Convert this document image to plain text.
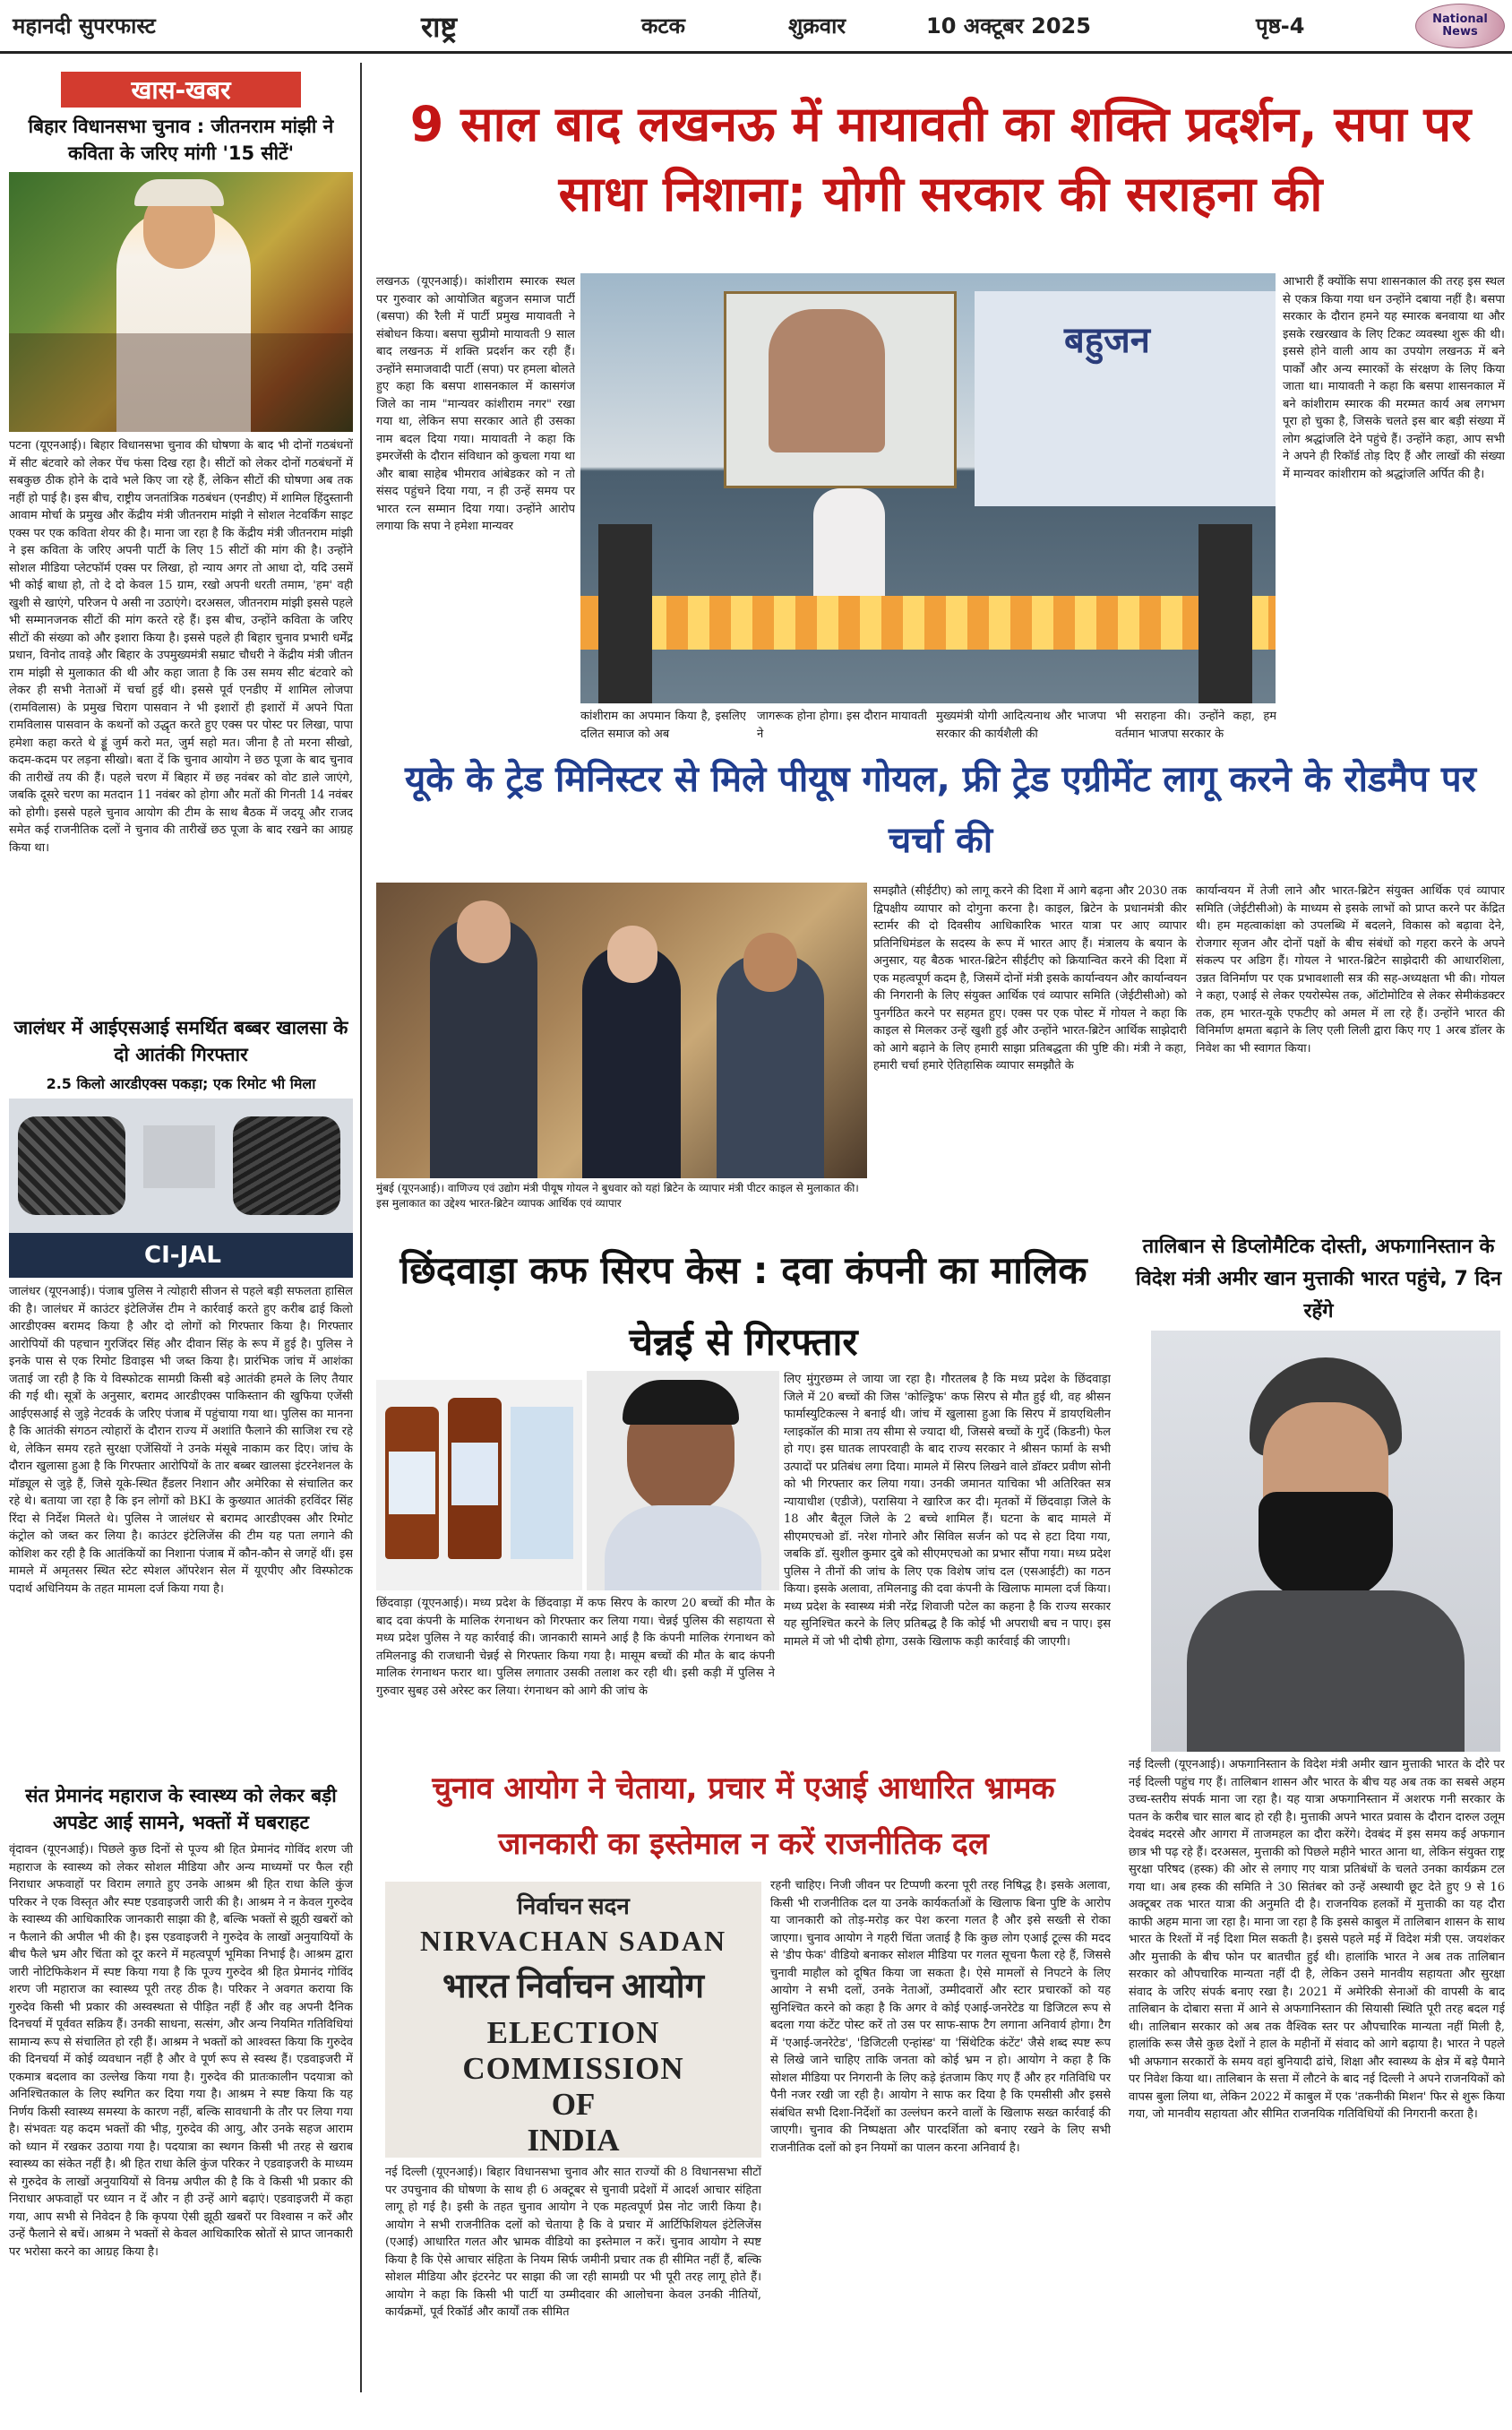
महानदी सुपरफास्ट	राष्ट्र	कटक	शुक्रवार	10 अक्टूबर 2025	पृष्ठ-4	National
News
खास-खबर
बिहार विधानसभा चुनाव : जीतनराम मांझी ने कविता के जरिए मांगी '15 सीटें'
पटना (यूएनआई)। बिहार विधानसभा चुनाव की घोषणा के बाद भी दोनों गठबंधनों में सीट बंटवारे को लेकर पेंच फंसा दिख रहा है। सीटों को लेकर दोनों गठबंधनों में सबकुछ ठीक होने के दावे भले किए जा रहे हैं, लेकिन सीटों की घोषणा अब तक नहीं हो पाई है। इस बीच, राष्ट्रीय जनतांत्रिक गठबंधन (एनडीए) में शामिल हिंदुस्तानी आवाम मोर्चा के प्रमुख और केंद्रीय मंत्री जीतनराम मांझी ने सोशल नेटवर्किंग साइट एक्स पर एक कविता शेयर की है। माना जा रहा है कि केंद्रीय मंत्री जीतनराम मांझी ने इस कविता के जरिए अपनी पार्टी के लिए 15 सीटों की मांग की है। उन्होंने सोशल मीडिया प्लेटफॉर्म एक्स पर लिखा, हो न्याय अगर तो आधा दो, यदि उसमें भी कोई बाधा हो, तो दे दो केवल 15 ग्राम, रखो अपनी धरती तमाम, 'हम' वही खुशी से खाएंगे, परिजन पे असी ना उठाएंगे। दरअसल, जीतनराम मांझी इससे पहले भी सम्मानजनक सीटों की मांग करते रहे हैं। इस बीच, उन्होंने कविता के जरिए सीटों की संख्या को और इशारा किया है। इससे पहले ही बिहार चुनाव प्रभारी धर्मेंद्र प्रधान, विनोद तावड़े और बिहार के उपमुख्यमंत्री सम्राट चौधरी ने केंद्रीय मंत्री जीतन राम मांझी से मुलाकात की थी और कहा जाता है कि उस समय सीट बंटवारे को लेकर ही सभी नेताओं में चर्चा हुई थी। इससे पूर्व एनडीए में शामिल लोजपा (रामविलास) के प्रमुख चिराग पासवान ने भी इशारों ही इशारों में अपने पिता रामविलास पासवान के कथनों को उद्धृत करते हुए एक्स पर पोस्ट पर लिखा, पापा हमेशा कहा करते थे ड्डूं जुर्म करो मत, जुर्म सहो मत। जीना है तो मरना सीखो, कदम-कदम पर लड़ना सीखो। बता दें कि चुनाव आयोग ने छठ पूजा के बाद चुनाव की तारीखें तय की हैं। पहले चरण में बिहार में छह नवंबर को वोट डाले जाएंगे, जबकि दूसरे चरण का मतदान 11 नवंबर को होगा और मतों की गिनती 14 नवंबर को होगी। इससे पहले चुनाव आयोग की टीम के साथ बैठक में जदयू और राजद समेत कई राजनीतिक दलों ने चुनाव की तारीखें छठ पूजा के बाद रखने का आग्रह किया था।
जालंधर में आईएसआई समर्थित बब्बर खालसा के दो आतंकी गिरफ्तार
2.5 किलो आरडीएक्स पकड़ा; एक रिमोट भी मिला
CI-JAL
जालंधर (यूएनआई)। पंजाब पुलिस ने त्योहारी सीजन से पहले बड़ी सफलता हासिल की है। जालंधर में काउंटर इंटेलिजेंस टीम ने कार्रवाई करते हुए करीब ढाई किलो आरडीएक्स बरामद किया है और दो लोगों को गिरफ्तार किया है। गिरफ्तार आरोपियों की पहचान गुरजिंदर सिंह और दीवान सिंह के रूप में हुई है। पुलिस ने इनके पास से एक रिमोट डिवाइस भी जब्त किया है। प्रारंभिक जांच में आशंका जताई जा रही है कि ये विस्फोटक सामग्री किसी बड़े आतंकी हमले के लिए तैयार की गई थी। सूत्रों के अनुसार, बरामद आरडीएक्स पाकिस्तान की खुफिया एजेंसी आईएसआई से जुड़े नेटवर्क के जरिए पंजाब में पहुंचाया गया था। पुलिस का मानना है कि आतंकी संगठन त्योहारों के दौरान राज्य में अशांति फैलाने की साजिश रच रहे थे, लेकिन समय रहते सुरक्षा एजेंसियों ने उनके मंसूबे नाकाम कर दिए। जांच के दौरान खुलासा हुआ है कि गिरफ्तार आरोपियों के तार बब्बर खालसा इंटरनेशनल के मॉड्यूल से जुड़े हैं, जिसे यूके-स्थित हैंडलर निशान और अमेरिका से संचालित कर रहे थे। बताया जा रहा है कि इन लोगों को BKI के कुख्यात आतंकी हरविंदर सिंह रिंदा से निर्देश मिलते थे। पुलिस ने जालंधर से बरामद आरडीएक्स और रिमोट कंट्रोल को जब्त कर लिया है। काउंटर इंटेलिजेंस की टीम यह पता लगाने की कोशिश कर रही है कि आतंकियों का निशाना पंजाब में कौन-कौन से जगहें थीं। इस मामले में अमृतसर स्थित स्टेट स्पेशल ऑपरेशन सेल में यूएपीए और विस्फोटक पदार्थ अधिनियम के तहत मामला दर्ज किया गया है।
संत प्रेमानंद महाराज के स्वास्थ्य को लेकर बड़ी अपडेट आई सामने, भक्तों में घबराहट
वृंदावन (यूएनआई)। पिछले कुछ दिनों से पूज्य श्री हित प्रेमानंद गोविंद शरण जी महाराज के स्वास्थ्य को लेकर सोशल मीडिया और अन्य माध्यमों पर फैल रही निराधार अफवाहों पर विराम लगाते हुए उनके आश्रम श्री हित राधा केलि कुंज परिकर ने एक विस्तृत और स्पष्ट एडवाइजरी जारी की है। आश्रम ने न केवल गुरुदेव के स्वास्थ्य की आधिकारिक जानकारी साझा की है, बल्कि भक्तों से झूठी खबरों को न फैलाने की अपील भी की है। इस एडवाइजरी ने गुरुदेव के लाखों अनुयायियों के बीच फैले भ्रम और चिंता को दूर करने में महत्वपूर्ण भूमिका निभाई है। आश्रम द्वारा जारी नोटिफिकेशन में स्पष्ट किया गया है कि पूज्य गुरुदेव श्री हित प्रेमानंद गोविंद शरण जी महाराज का स्वास्थ्य पूरी तरह ठीक है। परिकर ने अवगत कराया कि गुरुदेव किसी भी प्रकार की अस्वस्थता से पीड़ित नहीं हैं और वह अपनी दैनिक दिनचर्या में पूर्ववत सक्रिय हैं। उनकी साधना, सत्संग, और अन्य नियमित गतिविधियां सामान्य रूप से संचालित हो रही हैं। आश्रम ने भक्तों को आश्वस्त किया कि गुरुदेव की दिनचर्या में कोई व्यवधान नहीं है और वे पूर्ण रूप से स्वस्थ हैं। एडवाइजरी में एकमात्र बदलाव का उल्लेख किया गया है। गुरुदेव की प्रातःकालीन पदयात्रा को अनिश्चितकाल के लिए स्थगित कर दिया गया है। आश्रम ने स्पष्ट किया कि यह निर्णय किसी स्वास्थ्य समस्या के कारण नहीं, बल्कि सावधानी के तौर पर लिया गया है। संभवतः यह कदम भक्तों की भीड़, गुरुदेव की आयु, और उनके सहज आराम को ध्यान में रखकर उठाया गया है। पदयात्रा का स्थगन किसी भी तरह से खराब स्वास्थ्य का संकेत नहीं है। श्री हित राधा केलि कुंज परिकर ने एडवाइजरी के माध्यम से गुरुदेव के लाखों अनुयायियों से विनम्र अपील की है कि वे किसी भी प्रकार की निराधार अफवाहों पर ध्यान न दें और न ही उन्हें आगे बढ़ाएं। एडवाइजरी में कहा गया, आप सभी से निवेदन है कि कृपया ऐसी झूठी खबरों पर विश्वास न करें और उन्हें फैलाने से बचें। आश्रम ने भक्तों से केवल आधिकारिक स्रोतों से प्राप्त जानकारी पर भरोसा करने का आग्रह किया है।
9 साल बाद लखनऊ में मायावती का शक्ति प्रदर्शन, सपा पर साधा निशाना; योगी सरकार की सराहना की
लखनऊ (यूएनआई)। कांशीराम स्मारक स्थल पर गुरुवार को आयोजित बहुजन समाज पार्टी (बसपा) की रैली में पार्टी प्रमुख मायावती ने संबोधन किया। बसपा सुप्रीमो मायावती 9 साल बाद लखनऊ में शक्ति प्रदर्शन कर रही हैं। उन्होंने समाजवादी पार्टी (सपा) पर हमला बोलते हुए कहा कि बसपा शासनकाल में कासगंज जिले का नाम "मान्यवर कांशीराम नगर" रखा गया था, लेकिन सपा सरकार आते ही उसका नाम बदल दिया गया। मायावती ने कहा कि इमरजेंसी के दौरान संविधान को कुचला गया था और बाबा साहेब भीमराव आंबेडकर को न तो संसद पहुंचने दिया गया, न ही उन्हें समय पर भारत रत्न सम्मान दिया गया। उन्होंने आरोप लगाया कि सपा ने हमेशा मान्यवर
बहुजन
कांशीराम का अपमान किया है, इसलिए दलित समाज को अब
जागरूक होना होगा। इस दौरान मायावती ने
मुख्यमंत्री योगी आदित्यनाथ और भाजपा सरकार की कार्यशैली की
भी सराहना की। उन्होंने कहा, हम वर्तमान भाजपा सरकार के
आभारी हैं क्योंकि सपा शासनकाल की तरह इस स्थल से एकत्र किया गया धन उन्होंने दबाया नहीं है। बसपा सरकार के दौरान हमने यह स्मारक बनवाया था और इसके रखरखाव के लिए टिकट व्यवस्था शुरू की थी। इससे होने वाली आय का उपयोग लखनऊ में बने पार्कों और अन्य स्मारकों के संरक्षण के लिए किया जाता था। मायावती ने कहा कि बसपा शासनकाल में बने कांशीराम स्मारक की मरम्मत कार्य अब लगभग पूरा हो चुका है, जिसके चलते इस बार बड़ी संख्या में लोग श्रद्धांजलि देने पहुंचे हैं। उन्होंने कहा, आप सभी ने अपने ही रिकॉर्ड तोड़ दिए हैं और लाखों की संख्या में मान्यवर कांशीराम को श्रद्धांजलि अर्पित की है।
यूके के ट्रेड मिनिस्टर से मिले पीयूष गोयल, फ्री ट्रेड एग्रीमेंट लागू करने के रोडमैप पर चर्चा की
मुंबई (यूएनआई)। वाणिज्य एवं उद्योग मंत्री पीयूष गोयल ने बुधवार को यहां ब्रिटेन के व्यापार मंत्री पीटर काइल से मुलाकात की। इस मुलाकात का उद्देश्य भारत-ब्रिटेन व्यापक आर्थिक एवं व्यापार
समझौते (सीईटीए) को लागू करने की दिशा में आगे बढ़ना और 2030 तक द्विपक्षीय व्यापार को दोगुना करना है। काइल, ब्रिटेन के प्रधानमंत्री कीर स्टार्मर की दो दिवसीय आधिकारिक भारत यात्रा पर आए व्यापार प्रतिनिधिमंडल के सदस्य के रूप में भारत आए हैं। मंत्रालय के बयान के अनुसार, यह बैठक भारत-ब्रिटेन सीईटीए को क्रियान्वित करने की दिशा में एक महत्वपूर्ण कदम है, जिसमें दोनों मंत्री इसके कार्यान्वयन और कार्यान्वयन की निगरानी के लिए संयुक्त आर्थिक एवं व्यापार समिति (जेईटीसीओ) को पुनर्गठित करने पर सहमत हुए। एक्स पर एक पोस्ट में गोयल ने कहा कि काइल से मिलकर उन्हें खुशी हुई और उन्होंने भारत-ब्रिटेन आर्थिक साझेदारी को आगे बढ़ाने के लिए हमारी साझा प्रतिबद्धता की पुष्टि की। मंत्री ने कहा, हमारी चर्चा हमारे ऐतिहासिक व्यापार समझौते के
कार्यान्वयन में तेजी लाने और भारत-ब्रिटेन संयुक्त आर्थिक एवं व्यापार समिति (जेईटीसीओ) के माध्यम से इसके लाभों को प्राप्त करने पर केंद्रित थी। हम महत्वाकांक्षा को उपलब्धि में बदलने, विकास को बढ़ावा देने, रोजगार सृजन और दोनों पक्षों के बीच संबंधों को गहरा करने के अपने संकल्प पर अडिग हैं। गोयल ने भारत-ब्रिटेन साझेदारी की आधारशिला, उन्नत विनिर्माण पर एक प्रभावशाली सत्र की सह-अध्यक्षता भी की। गोयल ने कहा, एआई से लेकर एयरोस्पेस तक, ऑटोमोटिव से लेकर सेमीकंडक्टर तक, हम भारत-यूके एफटीए को अमल में ला रहे हैं। उन्होंने भारत की विनिर्माण क्षमता बढ़ाने के लिए एली लिली द्वारा किए गए 1 अरब डॉलर के निवेश का भी स्वागत किया।
छिंदवाड़ा कफ सिरप केस : दवा कंपनी का मालिक चेन्नई से गिरफ्तार
छिंदवाड़ा (यूएनआई)। मध्य प्रदेश के छिंदवाड़ा में कफ सिरप के कारण 20 बच्चों की मौत के बाद दवा कंपनी के मालिक रंगनाथन को गिरफ्तार कर लिया गया। चेन्नई पुलिस की सहायता से मध्य प्रदेश पुलिस ने यह कार्रवाई की। जानकारी सामने आई है कि कंपनी मालिक रंगनाथन को तमिलनाडु की राजधानी चेन्नई से गिरफ्तार किया गया है। मासूम बच्चों की मौत के बाद कंपनी मालिक रंगनाथन फरार था। पुलिस लगातार उसकी तलाश कर रही थी। इसी कड़ी में पुलिस ने गुरुवार सुबह उसे अरेस्ट कर लिया। रंगनाथन को आगे की जांच के
लिए मुंगुरछम्म ले जाया जा रहा है। गौरतलब है कि मध्य प्रदेश के छिंदवाड़ा जिले में 20 बच्चों की जिस 'कोल्ड्रिफ' कफ सिरप से मौत हुई थी, वह श्रीसन फार्मास्युटिकल्स ने बनाई थी। जांच में खुलासा हुआ कि सिरप में डायएथिलीन ग्लाइकॉल की मात्रा तय सीमा से ज्यादा थी, जिससे बच्चों के गुर्दे (किडनी) फेल हो गए। इस घातक लापरवाही के बाद राज्य सरकार ने श्रीसन फार्मा के सभी उत्पादों पर प्रतिबंध लगा दिया। मामले में सिरप लिखने वाले डॉक्टर प्रवीण सोनी को भी गिरफ्तार कर लिया गया। उनकी जमानत याचिका भी अतिरिक्त सत्र न्यायाधीश (एडीजे), परासिया ने खारिज कर दी। मृतकों में छिंदवाड़ा जिले के 18 और बैतूल जिले के 2 बच्चे शामिल हैं। घटना के बाद मामले में सीएमएचओ डॉ. नरेश गोनारे और सिविल सर्जन को पद से हटा दिया गया, जबकि डॉ. सुशील कुमार दुबे को सीएमएचओ का प्रभार सौंपा गया। मध्य प्रदेश पुलिस ने तीनों की जांच के लिए एक विशेष जांच दल (एसआईटी) का गठन किया। इसके अलावा, तमिलनाडु की दवा कंपनी के खिलाफ मामला दर्ज किया। मध्य प्रदेश के स्वास्थ्य मंत्री नरेंद्र शिवाजी पटेल का कहना है कि राज्य सरकार यह सुनिश्चित करने के लिए प्रतिबद्ध है कि कोई भी अपराधी बच न पाए। इस मामले में जो भी दोषी होगा, उसके खिलाफ कड़ी कार्रवाई की जाएगी।
तालिबान से डिप्लोमैटिक दोस्ती, अफगानिस्तान के विदेश मंत्री अमीर खान मुत्ताकी भारत पहुंचे, 7 दिन रहेंगे
नई दिल्ली (यूएनआई)। अफगानिस्तान के विदेश मंत्री अमीर खान मुत्ताकी भारत के दौरे पर नई दिल्ली पहुंच गए हैं। तालिबान शासन और भारत के बीच यह अब तक का सबसे अहम उच्च-स्तरीय संपर्क माना जा रहा है। यह यात्रा अफगानिस्तान में अशरफ गनी सरकार के पतन के करीब चार साल बाद हो रही है। मुत्ताकी अपने भारत प्रवास के दौरान दारुल उलूम देवबंद मदरसे और आगरा में ताजमहल का दौरा करेंगे। देवबंद में इस समय कई अफगान छात्र भी पढ़ रहे हैं। दरअसल, मुत्ताकी को पिछले महीने भारत आना था, लेकिन संयुक्त राष्ट्र सुरक्षा परिषद (हस्क) की ओर से लगाए गए यात्रा प्रतिबंधों के चलते उनका कार्यक्रम टल गया था। अब हस्क की समिति ने 30 सितंबर को उन्हें अस्थायी छूट देते हुए 9 से 16 अक्टूबर तक भारत यात्रा की अनुमति दी है। राजनयिक हलकों में मुत्ताकी का यह दौरा काफी अहम माना जा रहा है। माना जा रहा है कि इससे काबुल में तालिबान शासन के साथ भारत के रिश्तों में नई दिशा मिल सकती है। इससे पहले मई में विदेश मंत्री एस. जयशंकर और मुत्ताकी के बीच फोन पर बातचीत हुई थी। हालांकि भारत ने अब तक तालिबान सरकार को औपचारिक मान्यता नहीं दी है, लेकिन उसने मानवीय सहायता और सुरक्षा संवाद के जरिए संपर्क बनाए रखा है। 2021 में अमेरिकी सेनाओं की वापसी के बाद तालिबान के दोबारा सत्ता में आने से अफगानिस्तान की सियासी स्थिति पूरी तरह बदल गई थी। तालिबान सरकार को अब तक वैश्विक स्तर पर औपचारिक मान्यता नहीं मिली है, हालांकि रूस जैसे कुछ देशों ने हाल के महीनों में संवाद को आगे बढ़ाया है। भारत ने पहले भी अफगान सरकारों के समय वहां बुनियादी ढांचे, शिक्षा और स्वास्थ्य के क्षेत्र में बड़े पैमाने पर निवेश किया था। तालिबान के सत्ता में लौटने के बाद नई दिल्ली ने अपने राजनयिकों को वापस बुला लिया था, लेकिन 2022 में काबुल में एक 'तकनीकी मिशन' फिर से शुरू किया गया, जो मानवीय सहायता और सीमित राजनयिक गतिविधियों की निगरानी करता है।
चुनाव आयोग ने चेताया, प्रचार में एआई आधारित भ्रामक जानकारी का इस्तेमाल न करें राजनीतिक दल
निर्वाचन सदन
NIRVACHAN SADAN
भारत निर्वाचन आयोग
ELECTION COMMISSION
OF
INDIA
नई दिल्ली (यूएनआई)। बिहार विधानसभा चुनाव और सात राज्यों की 8 विधानसभा सीटों पर उपचुनाव की घोषणा के साथ ही 6 अक्टूबर से चुनावी प्रदेशों में आदर्श आचार संहिता लागू हो गई है। इसी के तहत चुनाव आयोग ने एक महत्वपूर्ण प्रेस नोट जारी किया है। आयोग ने सभी राजनीतिक दलों को चेताया है कि वे प्रचार में आर्टिफिशियल इंटेलिजेंस (एआई) आधारित गलत और भ्रामक वीडियो का इस्तेमाल न करें। चुनाव आयोग ने स्पष्ट किया है कि ऐसे आचार संहिता के नियम सिर्फ जमीनी प्रचार तक ही सीमित नहीं हैं, बल्कि सोशल मीडिया और इंटरनेट पर साझा की जा रही सामग्री पर भी पूरी तरह लागू होते हैं। आयोग ने कहा कि किसी भी पार्टी या उम्मीदवार की आलोचना केवल उनकी नीतियों, कार्यक्रमों, पूर्व रिकॉर्ड और कार्यों तक सीमित
रहनी चाहिए। निजी जीवन पर टिप्पणी करना पूरी तरह निषिद्ध है। इसके अलावा, किसी भी राजनीतिक दल या उनके कार्यकर्ताओं के खिलाफ बिना पुष्टि के आरोप या जानकारी को तोड़-मरोड़ कर पेश करना गलत है और इसे सख्ती से रोका जाएगा। चुनाव आयोग ने गहरी चिंता जताई है कि कुछ लोग एआई टूल्स की मदद से 'डीप फेक' वीडियो बनाकर सोशल मीडिया पर गलत सूचना फैला रहे हैं, जिससे चुनावी माहौल को दूषित किया जा सकता है। ऐसे मामलों से निपटने के लिए आयोग ने सभी दलों, उनके नेताओं, उम्मीदवारों और स्टार प्रचारकों को यह सुनिश्चित करने को कहा है कि अगर वे कोई एआई-जनरेटेड या डिजिटल रूप से बदला गया कंटेंट पोस्ट करें तो उस पर साफ-साफ टैग लगाना अनिवार्य होगा। टैग में 'एआई-जनरेटेड', 'डिजिटली एन्हांस्ड' या 'सिंथेटिक कंटेंट' जैसे शब्द स्पष्ट रूप से लिखे जाने चाहिए ताकि जनता को कोई भ्रम न हो। आयोग ने कहा है कि सोशल मीडिया पर निगरानी के लिए कड़े इंतजाम किए गए हैं और हर गतिविधि पर पैनी नजर रखी जा रही है। आयोग ने साफ कर दिया है कि एमसीसी और इससे संबंधित सभी दिशा-निर्देशों का उल्लंघन करने वालों के खिलाफ सख्त कार्रवाई की जाएगी। चुनाव की निष्पक्षता और पारदर्शिता को बनाए रखने के लिए सभी राजनीतिक दलों को इन नियमों का पालन करना अनिवार्य है।
